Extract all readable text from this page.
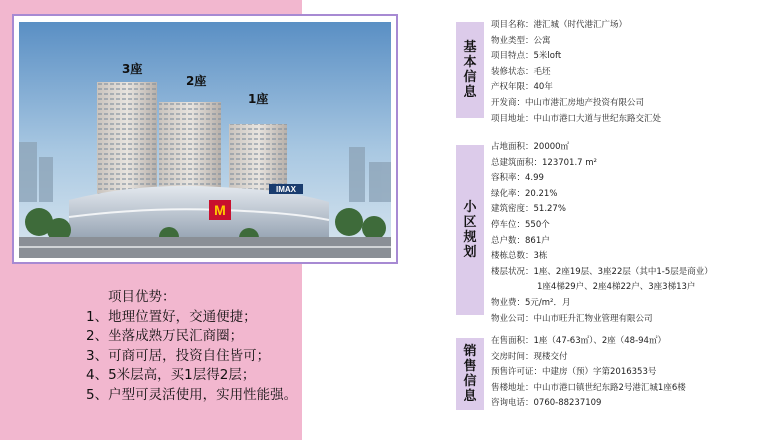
M
IMAX
3座
2座
1座
项目优势：
1、地理位置好，交通便捷；
2、坐落成熟万民汇商圈；
3、可商可居，投资自住皆可；
4、5米层高，买1层得2层；
5、户型可灵活使用，实用性能强。
基本信息
项目名称：港汇城（时代港汇广场）
物业类型：公寓
项目特点：5米loft
装修状态：毛坯
产权年限：40年
开发商：中山市港汇房地产投资有限公司
项目地址：中山市港口大道与世纪东路交汇处
小区规划
占地面积：20000㎡
总建筑面积：123701.7 m²
容积率：4.99
绿化率：20.21%
建筑密度：51.27%
停车位：550个
总户数：861户
楼栋总数：3栋
楼层状况：1座、2座19层、3座22层（其中1-5层是商业）
1座4梯29户、2座4梯22户、3座3梯13户
物业费：5元/m²．月
物业公司：中山市旺升汇物业管理有限公司
销售信息
在售面积：1座（47-63㎡）、2座（48-94㎡）
交房时间：现楼交付
预售许可证：中建房（预）字第2016353号
售楼地址：中山市港口镇世纪东路2号港汇城1座6楼
咨询电话：0760-88237109
